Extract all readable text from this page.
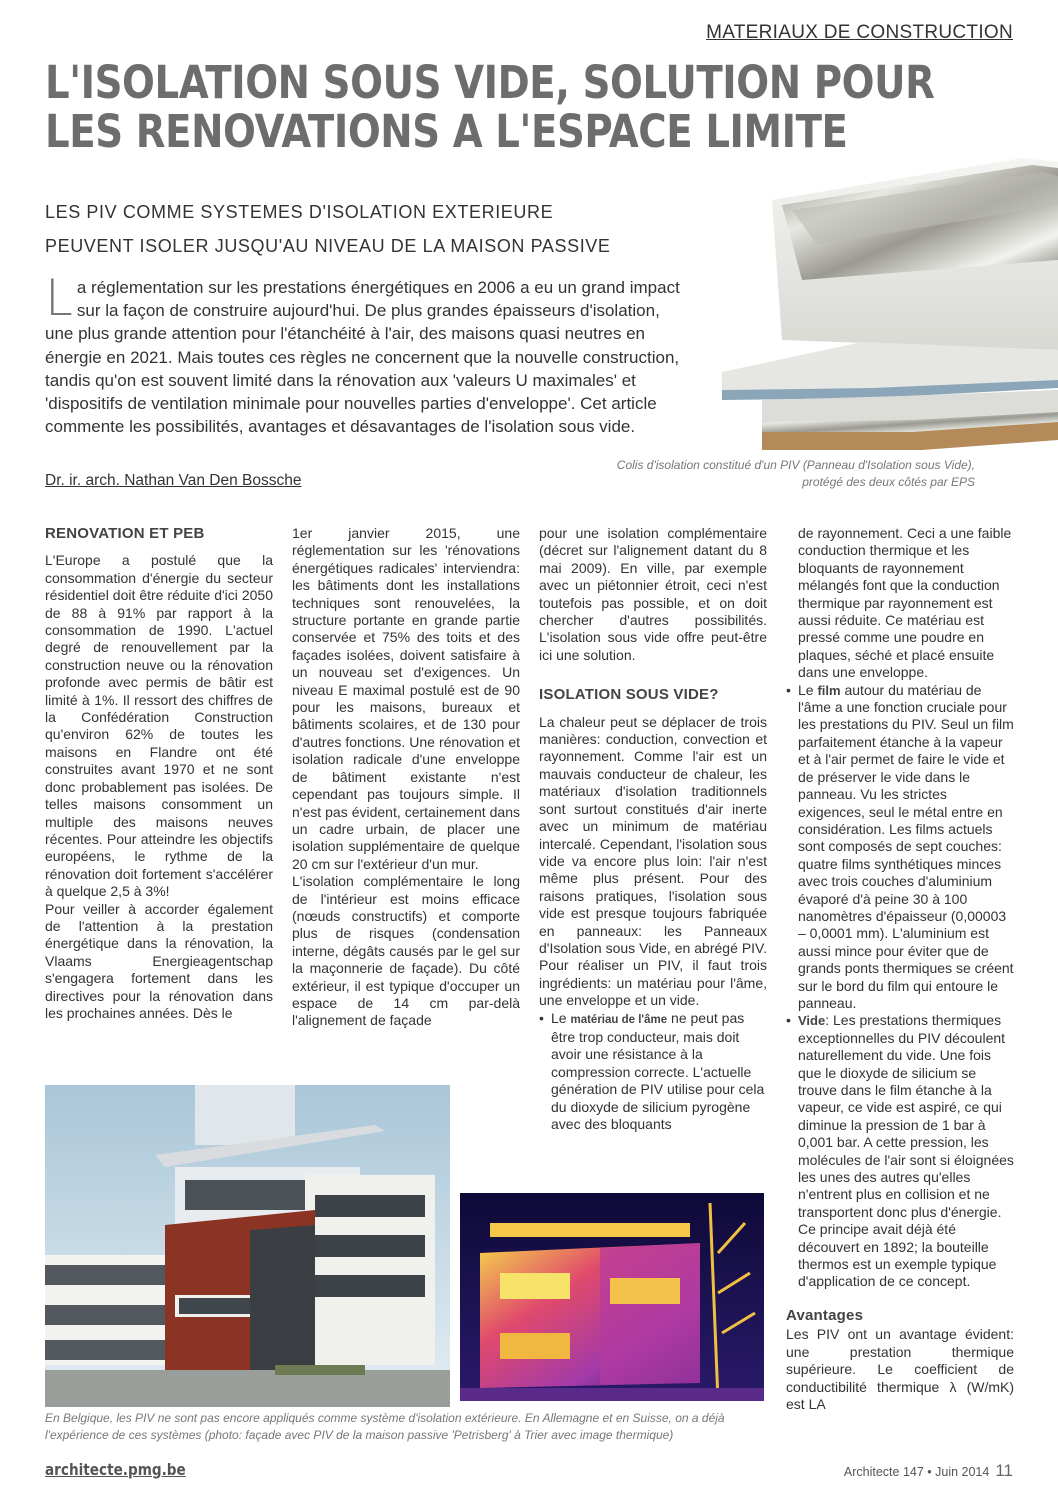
MATERIAUX DE CONSTRUCTION
L'ISOLATION SOUS VIDE, SOLUTION POUR
LES RENOVATIONS A L'ESPACE LIMITE
LES PIV COMME SYSTEMES D'ISOLATION EXTERIEURE
PEUVENT ISOLER JUSQU'AU NIVEAU DE LA MAISON PASSIVE
La réglementation sur les prestations énergétiques en 2006 a eu un grand impact sur la façon de construire aujourd'hui. De plus grandes épaisseurs d'isolation, une plus grande attention pour l'étanchéité à l'air, des maisons quasi neutres en énergie en 2021. Mais toutes ces règles ne concernent que la nouvelle construction, tandis qu'on est souvent limité dans la rénovation aux 'valeurs U maximales' et 'dispositifs de ventilation minimale pour nouvelles parties d'enveloppe'. Cet article commente les possibilités, avantages et désavantages de l'isolation sous vide.
Dr. ir. arch. Nathan Van Den Bossche
Colis d'isolation constitué d'un PIV (Panneau d'Isolation sous Vide),
protégé des deux côtés par EPS
RENOVATION ET PEB

L'Europe a postulé que la consommation d'énergie du secteur résidentiel doit être réduite d'ici 2050 de 88 à 91% par rapport à la consommation de 1990. L'actuel degré de renouvellement par la construction neuve ou la rénovation profonde avec permis de bâtir est limité à 1%. Il ressort des chiffres de la Confédération Construction qu'environ 62% de toutes les maisons en Flandre ont été construites avant 1970 et ne sont donc probablement pas isolées. De telles maisons consomment un multiple des maisons neuves récentes. Pour atteindre les objectifs européens, le rythme de la rénovation doit fortement s'accélérer à quelque 2,5 à 3%!

Pour veiller à accorder également de l'attention à la prestation énergétique dans la rénovation, la Vlaams Energieagentschap s'engagera fortement dans les directives pour la rénovation dans les prochaines années. Dès le

1er janvier 2015, une réglementation sur les 'rénovations énergétiques radicales' interviendra: les bâtiments dont les installations techniques sont renouvelées, la structure portante en grande partie conservée et 75% des toits et des façades isolées, doivent satisfaire à un nouveau set d'exigences. Un niveau E maximal postulé est de 90 pour les maisons, bureaux et bâtiments scolaires, et de 130 pour d'autres fonctions. Une rénovation et isolation radicale d'une enveloppe de bâtiment existante n'est cependant pas toujours simple. Il n'est pas évident, certainement dans un cadre urbain, de placer une isolation supplémentaire de quelque 20 cm sur l'extérieur d'un mur.

L'isolation complémentaire le long de l'intérieur est moins efficace (nœuds constructifs) et comporte plus de risques (condensation interne, dégâts causés par le gel sur la maçonnerie de façade). Du côté extérieur, il est typique d'occuper un espace de 14 cm par-delà l'alignement de façade

pour une isolation complémentaire (décret sur l'alignement datant du 8 mai 2009). En ville, par exemple avec un piétonnier étroit, ceci n'est toutefois pas possible, et on doit chercher d'autres possibilités. L'isolation sous vide offre peut-être ici une solution.

ISOLATION SOUS VIDE?

La chaleur peut se déplacer de trois manières: conduction, convection et rayonnement. Comme l'air est un mauvais conducteur de chaleur, les matériaux d'isolation traditionnels sont surtout constitués d'air inerte avec un minimum de matériau intercalé. Cependant, l'isolation sous vide va encore plus loin: l'air n'est même plus présent. Pour des raisons pratiques, l'isolation sous vide est presque toujours fabriquée en panneaux: les Panneaux d'Isolation sous Vide, en abrégé PIV. Pour réaliser un PIV, il faut trois ingrédients: un matériau pour l'âme, une enveloppe et un vide.

• Le matériau de l'âme ne peut pas être trop conducteur, mais doit avoir une résistance à la compression correcte. L'actuelle génération de PIV utilise pour cela du dioxyde de silicium pyrogène avec des bloquants

de rayonnement. Ceci a une faible conduction thermique et les bloquants de rayonnement mélangés font que la conduction thermique par rayonnement est aussi réduite. Ce matériau est pressé comme une poudre en plaques, séché et placé ensuite dans une enveloppe.

• Le film autour du matériau de l'âme a une fonction cruciale pour les prestations du PIV. Seul un film parfaitement étanche à la vapeur et à l'air permet de faire le vide et de préserver le vide dans le panneau. Vu les strictes exigences, seul le métal entre en considération. Les films actuels sont composés de sept couches: quatre films synthétiques minces avec trois couches d'aluminium évaporé d'à peine 30 à 100 nanomètres d'épaisseur (0,00003 – 0,0001 mm). L'aluminium est aussi mince pour éviter que de grands ponts thermiques se créent sur le bord du film qui entoure le panneau.

• Vide: Les prestations thermiques exceptionnelles du PIV découlent naturellement du vide. Une fois que le dioxyde de silicium se trouve dans le film étanche à la vapeur, ce vide est aspiré, ce qui diminue la pression de 1 bar à 0,001 bar. A cette pression, les molécules de l'air sont si éloignées les unes des autres qu'elles n'entrent plus en collision et ne transportent donc plus d'énergie. Ce principe avait déjà été découvert en 1892; la bouteille thermos est un exemple typique d'application de ce concept.

Avantages

Les PIV ont un avantage évident: une prestation thermique supérieure. Le coefficient de conductibilité thermique λ (W/mK) est LA

En Belgique, les PIV ne sont pas encore appliqués comme système d'isolation extérieure. En Allemagne et en Suisse, on a déjà
l'expérience de ces systèmes (photo: façade avec PIV de la maison passive 'Petrisberg' à Trier avec image thermique)
architecte.pmg.be	Architecte 147 • Juin 2014 11
